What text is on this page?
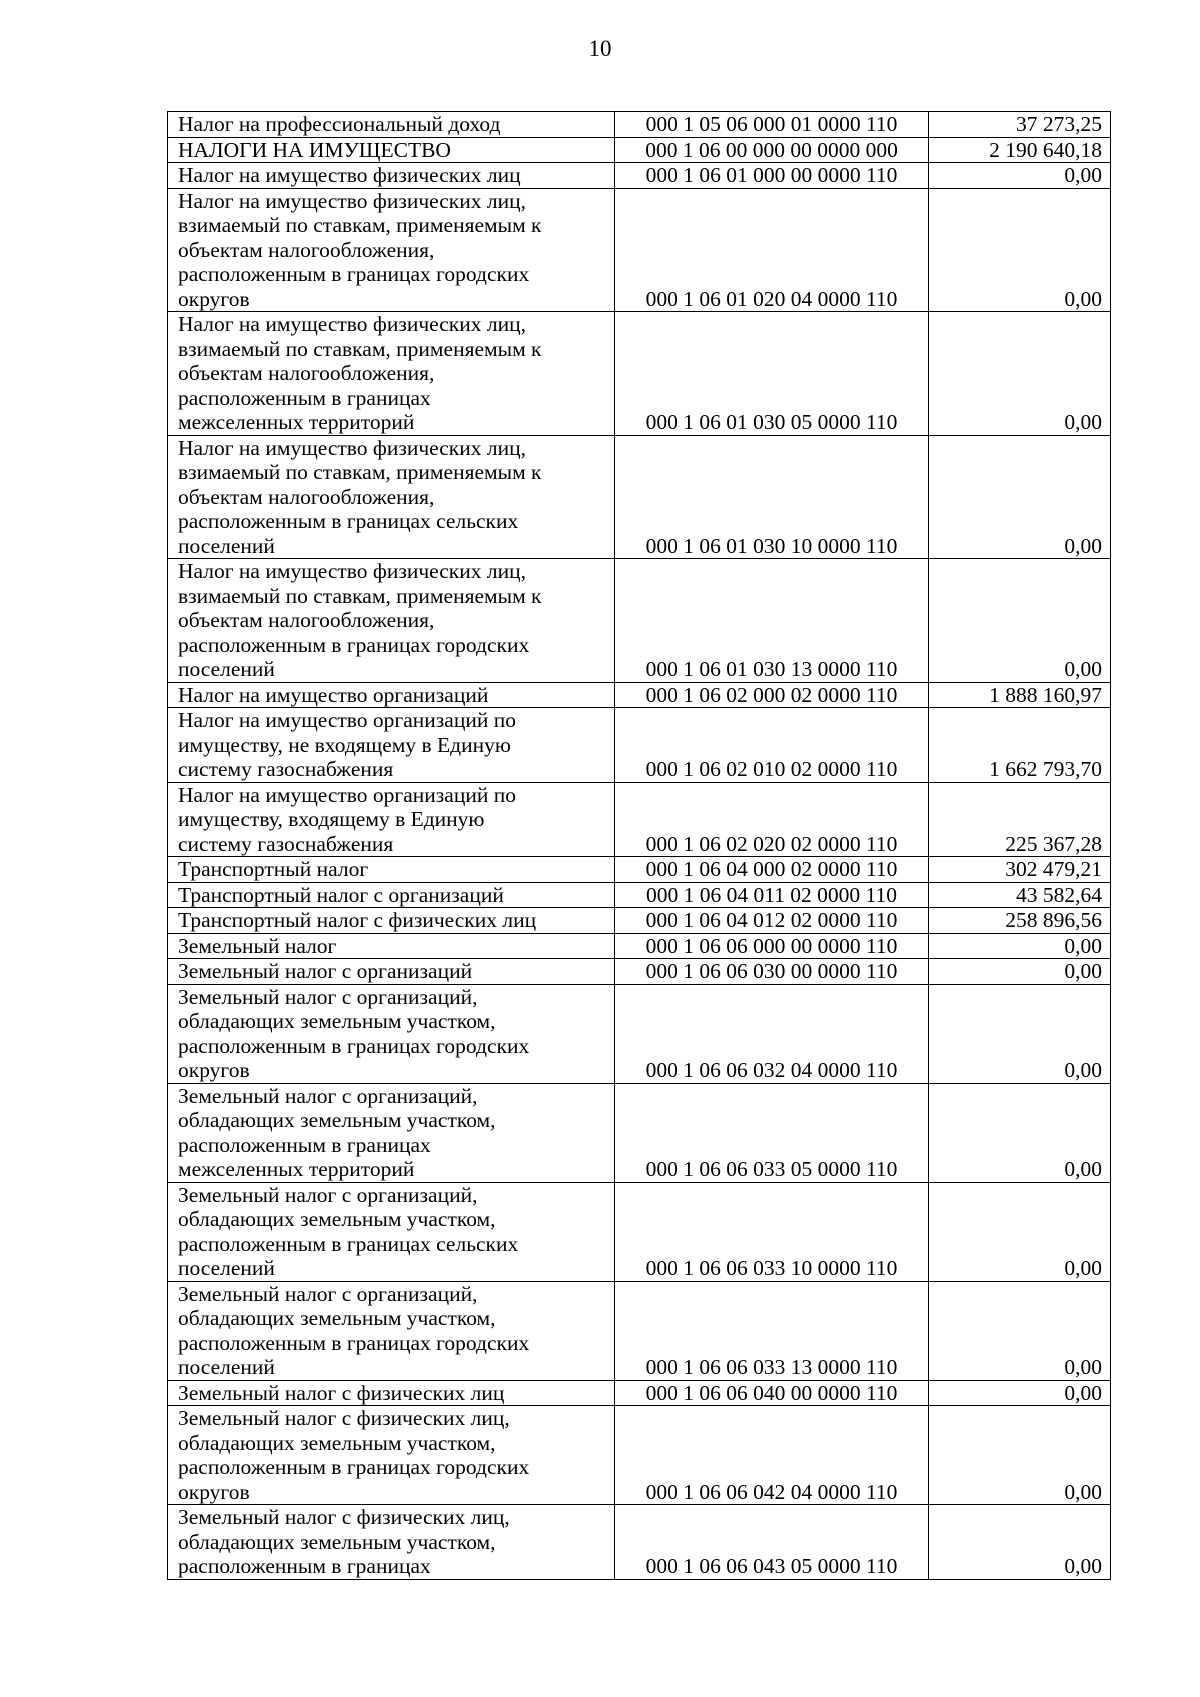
10
Налог на профессиональный доход	000 1 05 06 000 01 0000 110	37 273,25
НАЛОГИ НА ИМУЩЕСТВО	000 1 06 00 000 00 0000 000	2 190 640,18
Налог на имущество физических лиц	000 1 06 01 000 00 0000 110	0,00
Налог на имущество физических лиц,
взимаемый по ставкам, применяемым к
объектам налогообложения,
расположенным в границах городских
округов	000 1 06 01 020 04 0000 110	0,00
Налог на имущество физических лиц,
взимаемый по ставкам, применяемым к
объектам налогообложения,
расположенным в границах
межселенных территорий	000 1 06 01 030 05 0000 110	0,00
Налог на имущество физических лиц,
взимаемый по ставкам, применяемым к
объектам налогообложения,
расположенным в границах сельских
поселений	000 1 06 01 030 10 0000 110	0,00
Налог на имущество физических лиц,
взимаемый по ставкам, применяемым к
объектам налогообложения,
расположенным в границах городских
поселений	000 1 06 01 030 13 0000 110	0,00
Налог на имущество организаций	000 1 06 02 000 02 0000 110	1 888 160,97
Налог на имущество организаций по
имуществу, не входящему в Единую
систему газоснабжения	000 1 06 02 010 02 0000 110	1 662 793,70
Налог на имущество организаций по
имуществу, входящему в Единую
систему газоснабжения	000 1 06 02 020 02 0000 110	225 367,28
Транспортный налог	000 1 06 04 000 02 0000 110	302 479,21
Транспортный налог с организаций	000 1 06 04 011 02 0000 110	43 582,64
Транспортный налог с физических лиц	000 1 06 04 012 02 0000 110	258 896,56
Земельный налог	000 1 06 06 000 00 0000 110	0,00
Земельный налог с организаций	000 1 06 06 030 00 0000 110	0,00
Земельный налог с организаций,
обладающих земельным участком,
расположенным в границах городских
округов	000 1 06 06 032 04 0000 110	0,00
Земельный налог с организаций,
обладающих земельным участком,
расположенным в границах
межселенных территорий	000 1 06 06 033 05 0000 110	0,00
Земельный налог с организаций,
обладающих земельным участком,
расположенным в границах сельских
поселений	000 1 06 06 033 10 0000 110	0,00
Земельный налог с организаций,
обладающих земельным участком,
расположенным в границах городских
поселений	000 1 06 06 033 13 0000 110	0,00
Земельный налог с физических лиц	000 1 06 06 040 00 0000 110	0,00
Земельный налог с физических лиц,
обладающих земельным участком,
расположенным в границах городских
округов	000 1 06 06 042 04 0000 110	0,00
Земельный налог с физических лиц,
обладающих земельным участком,
расположенным в границах	000 1 06 06 043 05 0000 110	0,00
